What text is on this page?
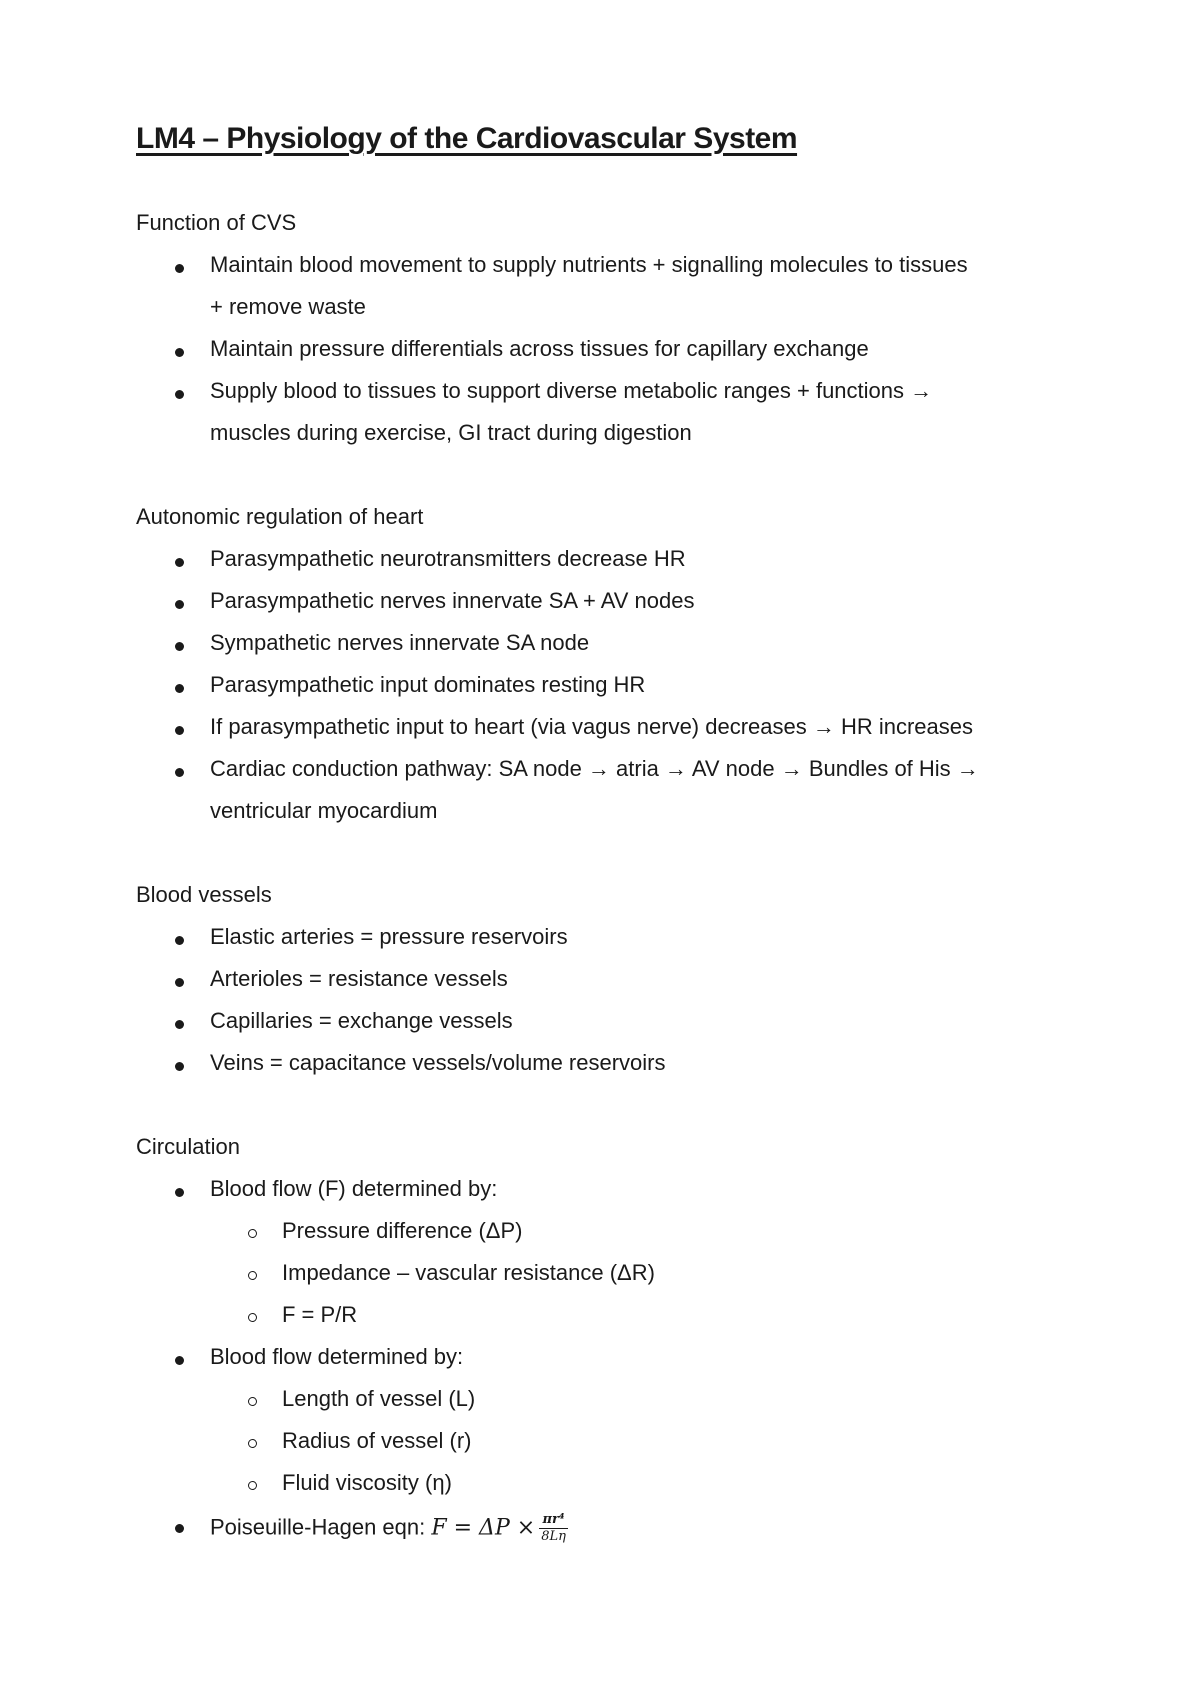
LM4 – Physiology of the Cardiovascular System
Function of CVS
Maintain blood movement to supply nutrients + signalling molecules to tissues
+ remove waste
Maintain pressure differentials across tissues for capillary exchange
Supply blood to tissues to support diverse metabolic ranges + functions →
muscles during exercise, GI tract during digestion
Autonomic regulation of heart
Parasympathetic neurotransmitters decrease HR
Parasympathetic nerves innervate SA + AV nodes
Sympathetic nerves innervate SA node
Parasympathetic input dominates resting HR
If parasympathetic input to heart (via vagus nerve) decreases → HR increases
Cardiac conduction pathway: SA node → atria → AV node → Bundles of His →
ventricular myocardium
Blood vessels
Elastic arteries = pressure reservoirs
Arterioles = resistance vessels
Capillaries = exchange vessels
Veins = capacitance vessels/volume reservoirs
Circulation
Blood flow (F) determined by:
Pressure difference (ΔP)
Impedance – vascular resistance (ΔR)
F = P/R
Blood flow determined by:
Length of vessel (L)
Radius of vessel (r)
Fluid viscosity (η)
Poiseuille-Hagen eqn: $F = \Delta P \times \frac{\text{πr⁴}}{8L\eta}$
